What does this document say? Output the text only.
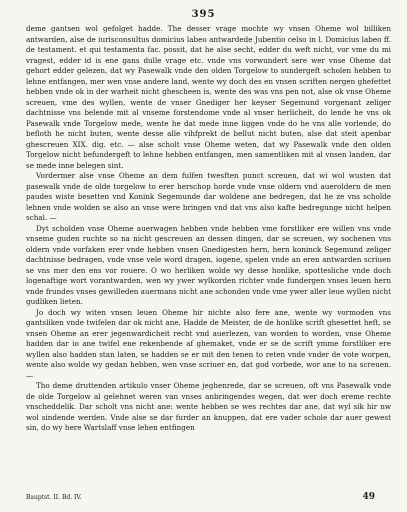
395

deme gantsen wol gefolget hadde. The desser vrage mochte wy vnsen Oheme wol billiken antwarden, alse de iurisconsultus domicius labeo antwardede Jubentio celso in l. Domicius labeo ff. de testament. et qui testamenta fac. possit, dat he alse secht, edder du weft nicht, vor vme du mi vragest, edder id is ene gans dulle vrage etc. vnde vns vorwundert sere wer vnse Oheme dat gehort edder gelezen, dat wy Pasewalk vnde den olden Torgelow to sundergeft scholen hebben to lehne entfangen, mer wen vnse andere land, wente wy doch des en vnsen scriften nergen ghefettet hebben vnde ok in der warheit nicht ghescheen is, wente des was vns pen not, alse ok vnse Oheme screuen, vme des wyllen, wente de vnser Gnediger her keyser Segemund vorgenant zeliger dachtnisse vns belende mit al vnseme forstendome vnde al vnser herlicheit, do lende he vns ok Pasewalk vnde Torgelow mede, wente he dat mede inne liggen vnde do he vns alle vorlende, do befloth he nicht buten, wente desse alle vihfprekt de bellut nicht buten, alse dat steit apenbar ghescreuen XIX. dig. etc. — alse scholt vnse Oheme weten, dat wy Pasewalk vnde den olden Torgelow nicht befundergeft to lehne hebben entfangen, men samentliken mit al vnsen landen, dar se mede inne belegen sint.

Vordermer alse vnse Oheme an dem fulfen twesften punct screuen, dat wi wol wusten dat pasewalk vnde de olde torgelow to erer herschop horde vnde vnse oldern vnd aueroldern de men paudes wiste besetten vnd Konink Segemunde dar woldene ane bedregen, dat he ze vns scholde lehnen vnde wolden se also an vnse were bringen vnd dat vns also kafte bedregunge nicht helpen schal. —

Dyt scholden vnse Oheme auerwagen hebben vnde hebben vme forstliker ere willen vns vnde vnseme guden ruchte so na nicht gescreuen an dessen dingen, dar se screuen, wy sochenen vns oldern vnde vorfaken erer vnde hebben vnsen Gnedigesten hern, hern koninck Segemund zeliger dachtnisse bedragen, vnde vnse vele word dragen, iogene, spelen vnde an eren antwarden scriuen se vns mer den ens vor rouere. O wo herliken wolde wy desse honlike, spottesliche vnde doch logenaftige wort vorantwarden, wen wy ywer wylkorden richter vnde fundergen vnses leuen hern vnde frundes vnses gewilleden auermans nicht ane schonden vnde vme ywer aller leue wyllen nicht gudliken lieten.

Jo doch wy witen vnsen leuen Oheme hir nichte also fere ane, wente wy vormoden vns gantsliken vnde twifelen dar ok nicht ane, Hadde de Meister, de de honlike scrift ghesettet heft, se vnsen Oheme an erer jegenwardicheit recht vnd auerlezen, van worden to worden, vnse Oheme hadden dar io ane twifel ene rekenbende af ghemaket, vnde er se de scrift ymme forstliker ere wyllen also hadden stan laten, se hadden se er mit den tenen to reten vnde vnder de vote worpen, wente also wolde wy gedan hebben, wen vnse scriuer en, dat god vorbede, wor ane to na screuen. —

Tho deme druttenden artikulo vnser Oheme jeghenrede, dar se screuen, oft vns Pasewalk vnde de olde Torgelow al gelehnet weren van vnses anbringendes wegen, dat wer doch ereme rechte vnscheddelik. Dar scholt vns nicht ane: wente hebben se wes rechtes dar ane, dat wyl sik hir nw wol sindende werden. Vnde alse se dar furder an knuppen, dat ere vader schole dar auer gewest sin, do wy here Wartslaff vnse lehen entfingen

Bauptst. II. Bd. IV.	49
